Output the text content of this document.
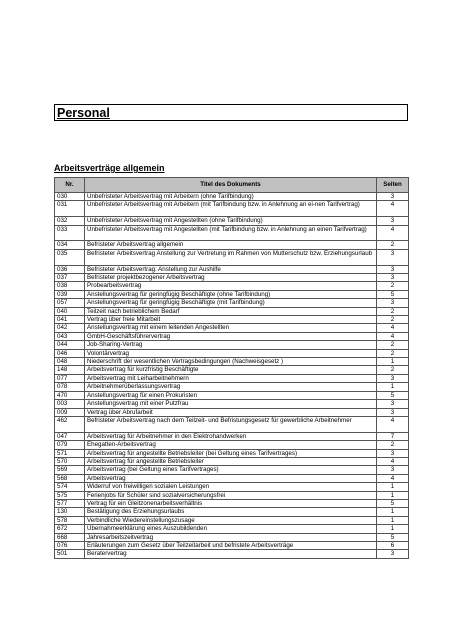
Personal
Arbeitsverträge allgemein
Nr.	Titel des Dokuments	Seiten
030	Unbefristeter Arbeitsvertrag mit Arbeitern (ohne Tarifbindung)	3
031	Unbefristeter Arbeitsvertrag mit Arbeitern (mit Tarifbindung bzw. in Anlehnung an ei-nen Tarifvertrag)	4
032	Unbefristeter Arbeitsvertrag mit Angestellten (ohne Tarifbindung)	3
033	Unbefristeter Arbeitsvertrag mit Angestellten (mit Tarifbindung bzw. in Anlehnung an einen Tarifvertrag)	4
034	Befristeter Arbeitsvertrag allgemein	2
035	Befristeter Arbeitsvertrag Anstellung zur Vertretung im Rahmen von Mutterschutz bzw. Erziehungsurlaub	3
036	Befristeter Arbeitsvertrag: Anstellung zur Aushilfe	3
037	Befristeter projektbezogener Arbeitsvertrag	3
038	Probearbeitsvertrag	2
039	Anstellungsvertrag für geringfügig Beschäftigte (ohne Tarifbindung)	5
057	Anstellungsvertrag für geringfügig Beschäftigte (mit Tarifbindung)	3
040	Teilzeit nach betrieblichem Bedarf	2
041	Vertrag über freie Mitarbeit	2
042	Anstellungsvertrag mit einem leitenden Angestellten	4
043	GmbH-Geschäftsführervertrag	4
044	Job-Sharing-Vertrag	2
046	Volontärvertrag	2
048	Niederschrift der wesentlichen Vertragsbedingungen (Nachweisgesetz )	1
148	Arbeitsvertrag für kurzfristig Beschäftigte	2
077	Arbeitsvertrag mit Leiharbeitnehmern	3
078	Arbeitnehmerüberlassungsvertrag	1
470	Anstellungsvertrag für einen Prokuristen	5
003	Anstellungsvertrag mit einer Putzfrau	3
009	Vertrag über Abrufarbeit	3
462	Befristeter Arbeitsvertrag nach dem Teilzeit- und Befristungsgesetz für gewerbliche Arbeitnehmer	4
047	Arbeitsvertrag für Arbeitnehmer in den Elektrohandwerken	7
079	Ehegatten-Arbeitsvertrag	2
571	Arbeitsvertrag für angestellte Betriebsleiter (bei Geltung eines Tarifvertrages)	3
570	Arbeitsvertrag für angestellte Betriebsleiter	4
569	Arbeitsvertrag (bei Geltung eines Tarifvertrages)	3
568	Arbeitsvertrag	4
574	Widerruf von freiwilligen sozialen Leistungen	1
575	Ferienjobs für Schüler sind sozialversicherungsfrei	1
577	Vertrag für ein Gleitzonenarbeitsverhältnis	5
130	Bestätigung des Erziehungsurlaubs	1
578	Verbindliche Wiedereinstellungszusage	1
672	Übernahmeerklärung eines Auszubildenden	1
668	Jahresarbeitszeitvertrag	5
076	Erläuterungen zum Gesetz über Teilzeitarbeit und befristete Arbeitsverträge	6
501	Beratervertrag	3
